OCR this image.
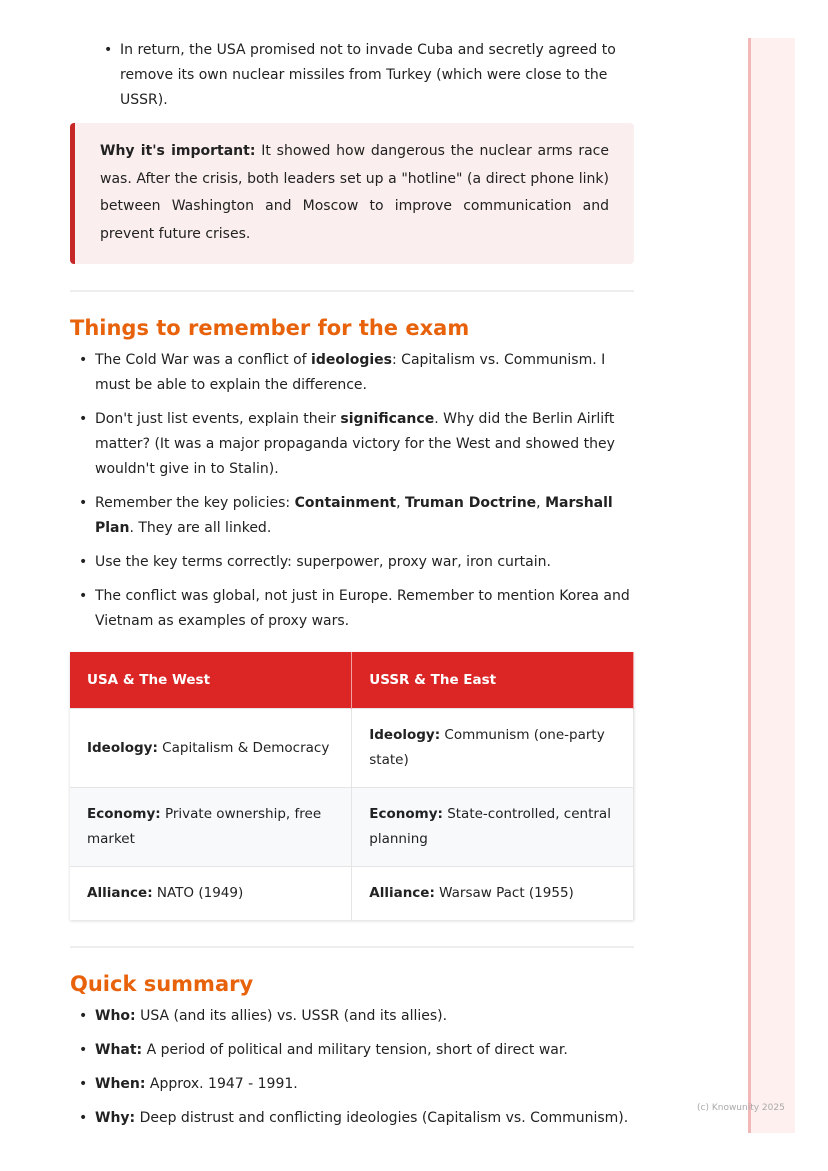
• In return, the USA promised not to invade Cuba and secretly agreed to remove its own nuclear missiles from Turkey (which were close to the USSR).
Why it's important: It showed how dangerous the nuclear arms race was. After the crisis, both leaders set up a "hotline" (a direct phone link) between Washington and Moscow to improve communication and prevent future crises.
Things to remember for the exam
• The Cold War was a conflict of ideologies: Capitalism vs. Communism. I must be able to explain the difference.
• Don't just list events, explain their significance. Why did the Berlin Airlift matter? (It was a major propaganda victory for the West and showed they wouldn't give in to Stalin).
• Remember the key policies: Containment, Truman Doctrine, Marshall Plan. They are all linked.
• Use the key terms correctly: superpower, proxy war, iron curtain.
• The conflict was global, not just in Europe. Remember to mention Korea and Vietnam as examples of proxy wars.
USA & The West	USSR & The East
Ideology: Capitalism & Democracy	Ideology: Communism (one-party state)
Economy: Private ownership, free market	Economy: State-controlled, central planning
Alliance: NATO (1949)	Alliance: Warsaw Pact (1955)
Quick summary
• Who: USA (and its allies) vs. USSR (and its allies).
• What: A period of political and military tension, short of direct war.
• When: Approx. 1947 - 1991.
• Why: Deep distrust and conflicting ideologies (Capitalism vs. Communism).
(c) Knowunity 2025
